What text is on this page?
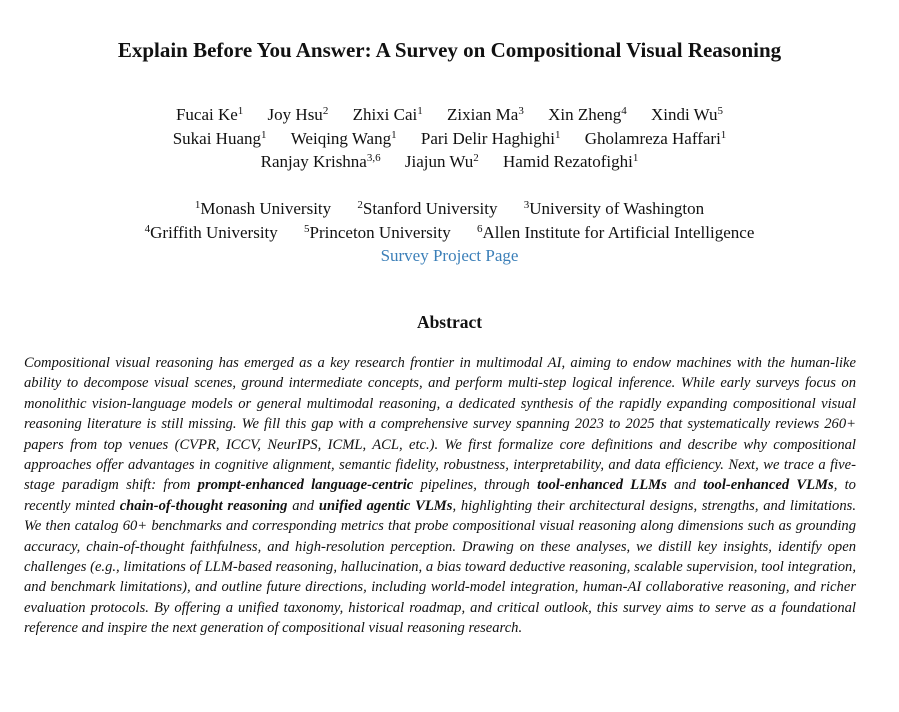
Explain Before You Answer: A Survey on Compositional Visual Reasoning
Fucai Ke$^1$ Joy Hsu$^2$ Zhixi Cai$^1$ Zixian Ma$^3$ Xin Zheng$^4$ Xindi Wu$^5$
Sukai Huang$^1$ Weiqing Wang$^1$ Pari Delir Haghighi$^1$ Gholamreza Haffari$^1$
Ranjay Krishna$^{3,6}$ Jiajun Wu$^2$ Hamid Rezatofighi$^1$
$^1$Monash University $^2$Stanford University $^3$University of Washington
$^4$Griffith University $^5$Princeton University $^6$Allen Institute for Artificial Intelligence
Survey Project Page
Abstract
Compositional visual reasoning has emerged as a key research frontier in multimodal AI, aiming to endow machines with the human-like ability to decompose visual scenes, ground intermediate concepts, and perform multi-step logical inference. While early surveys focus on monolithic vision-language models or general multimodal reasoning, a dedicated synthesis of the rapidly expanding compositional visual reasoning literature is still missing. We fill this gap with a comprehensive survey spanning 2023 to 2025 that systematically reviews 260+ papers from top venues (CVPR, ICCV, NeurIPS, ICML, ACL, etc.). We first formalize core definitions and describe why compositional approaches offer advantages in cognitive alignment, semantic fidelity, robustness, interpretability, and data efficiency. Next, we trace a five-stage paradigm shift: from prompt-enhanced language-centric pipelines, through tool-enhanced LLMs and tool-enhanced VLMs, to recently minted chain-of-thought reasoning and unified agentic VLMs, highlighting their architectural designs, strengths, and limitations. We then catalog 60+ benchmarks and corresponding metrics that probe compositional visual reasoning along dimensions such as grounding accuracy, chain-of-thought faithfulness, and high-resolution perception. Drawing on these analyses, we distill key insights, identify open challenges (e.g., limitations of LLM-based reasoning, hallucination, a bias toward deductive reasoning, scalable supervision, tool integration, and benchmark limitations), and outline future directions, including world-model integration, human-AI collaborative reasoning, and richer evaluation protocols. By offering a unified taxonomy, historical roadmap, and critical outlook, this survey aims to serve as a foundational reference and inspire the next generation of compositional visual reasoning research.
